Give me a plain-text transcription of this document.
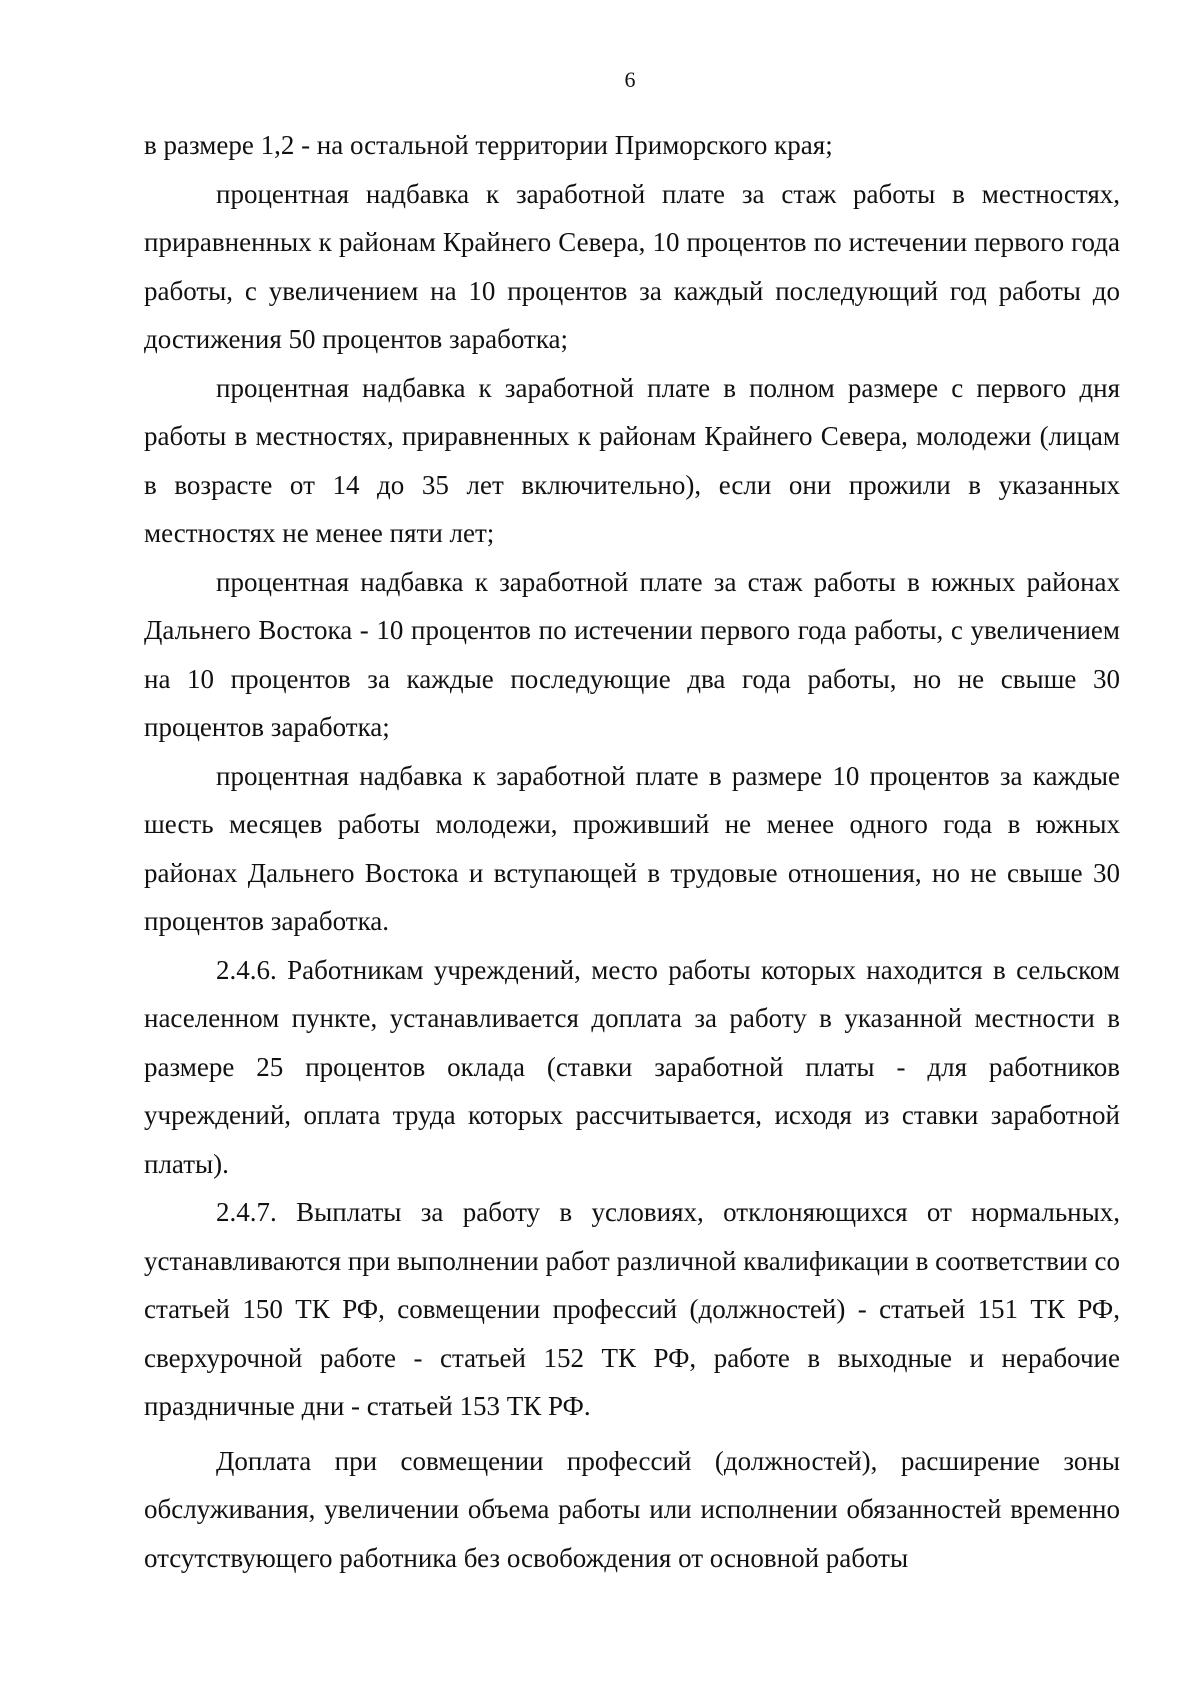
6

в размере 1,2 - на остальной территории Приморского края;

процентная надбавка к заработной плате за стаж работы в местностях, приравненных к районам Крайнего Севера, 10 процентов по истечении первого года работы, с увеличением на 10 процентов за каждый последующий год работы до достижения 50 процентов заработка;

процентная надбавка к заработной плате в полном размере с первого дня работы в местностях, приравненных к районам Крайнего Севера, молодежи (лицам в возрасте от 14 до 35 лет включительно), если они прожили в указанных местностях не менее пяти лет;

процентная надбавка к заработной плате за стаж работы в южных районах Дальнего Востока - 10 процентов по истечении первого года работы, с увеличением на 10 процентов за каждые последующие два года работы, но не свыше 30 процентов заработка;

процентная надбавка к заработной плате в размере 10 процентов за каждые шесть месяцев работы молодежи, проживший не менее одного года в южных районах Дальнего Востока и вступающей в трудовые отношения, но не свыше 30 процентов заработка.

2.4.6. Работникам учреждений, место работы которых находится в сельском населенном пункте, устанавливается доплата за работу в указанной местности в размере 25 процентов оклада (ставки заработной платы - для работников учреждений, оплата труда которых рассчитывается, исходя из ставки заработной платы).

2.4.7. Выплаты за работу в условиях, отклоняющихся от нормальных, устанавливаются при выполнении работ различной квалификации в соответствии со статьей 150 ТК РФ, совмещении профессий (должностей) - статьей 151 ТК РФ, сверхурочной работе - статьей 152 ТК РФ, работе в выходные и нерабочие праздничные дни - статьей 153 ТК РФ.

Доплата при совмещении профессий (должностей), расширение зоны обслуживания, увеличении объема работы или исполнении обязанностей временно отсутствующего работника без освобождения от основной работы
